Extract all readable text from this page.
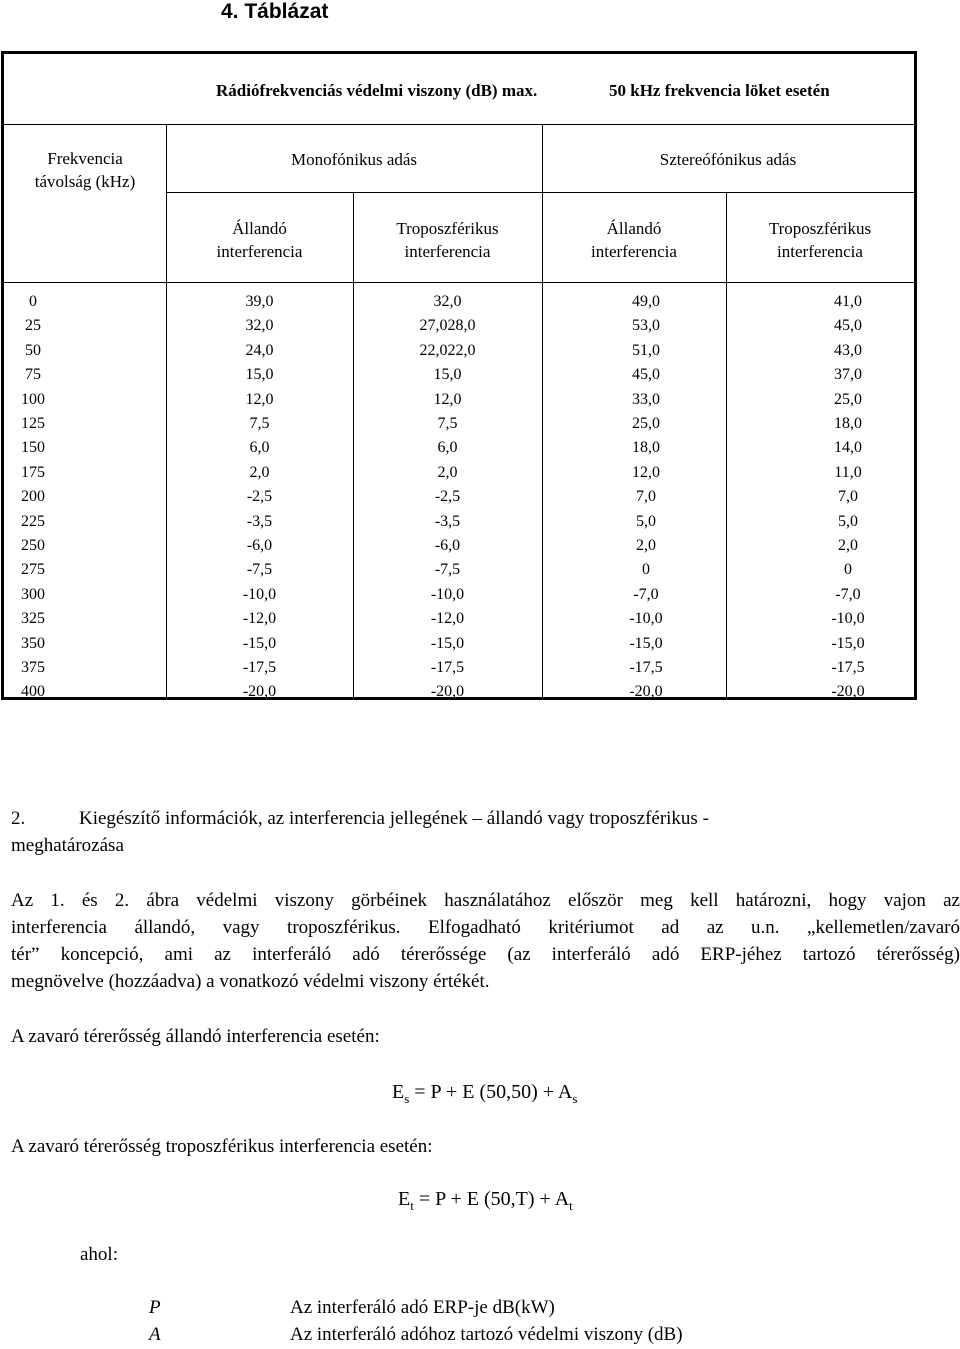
4. Táblázat
Rádiófrekvenciás védelmi viszony (dB) max.	50 kHz frekvencia löket esetén
Frekvencia
távolság (kHz)
Monofónikus adás	Sztereófónikus adás
Állandó
interferencia
Troposzférikus
interferencia
Állandó
interferencia
Troposzférikus
interferencia
0	39,0	32,0	49,0	41,0
25	32,0	27,028,0	53,0	45,0
50	24,0	22,022,0	51,0	43,0
75	15,0	15,0	45,0	37,0
100	12,0	12,0	33,0	25,0
125	7,5	7,5	25,0	18,0
150	6,0	6,0	18,0	14,0
175	2,0	2,0	12,0	11,0
200	-2,5	-2,5	7,0	7,0
225	-3,5	-3,5	5,0	5,0
250	-6,0	-6,0	2,0	2,0
275	-7,5	-7,5	0	0
300	-10,0	-10,0	-7,0	-7,0
325	-12,0	-12,0	-10,0	-10,0
350	-15,0	-15,0	-15,0	-15,0
375	-17,5	-17,5	-17,5	-17,5
400	-20,0	-20,0	-20,0	-20,0
2.	Kiegészítő információk, az interferencia jellegének – állandó vagy troposzférikus -
meghatározása
Az 1. és 2. ábra védelmi viszony görbéinek használatához először meg kell határozni, hogy vajon az
interferencia állandó, vagy troposzférikus. Elfogadható kritériumot ad az u.n. „kellemetlen/zavaró
tér” koncepció, ami az interferáló adó térerőssége (az interferáló adó ERP-jéhez tartozó térerősség)
megnövelve (hozzáadva) a vonatkozó védelmi viszony értékét.
A zavaró térerősség állandó interferencia esetén:
$E_s = P + E$ $(50,50) + A_s$
A zavaró térerősség troposzférikus interferencia esetén:
$E_t = P + E$ $(50,T) + A_t$
ahol:
P	Az interferáló adó ERP-je dB(kW)
A	Az interferáló adóhoz tartozó védelmi viszony (dB)
